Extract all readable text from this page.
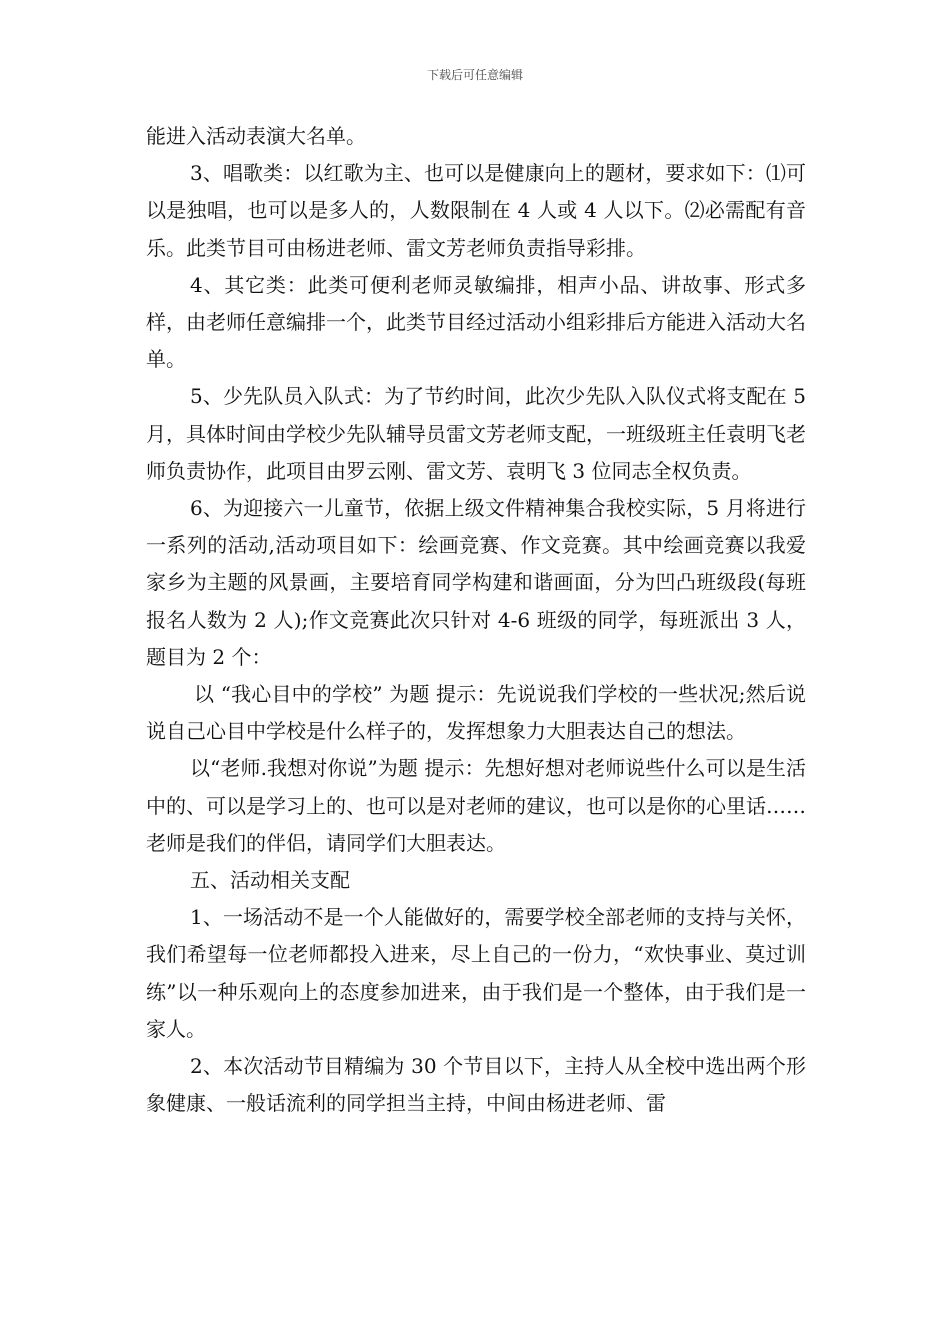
下载后可任意编辑

能进入活动表演大名单。

3、唱歌类：以红歌为主、也可以是健康向上的题材，要求如下：⑴可以是独唱，也可以是多人的，人数限制在 4 人或 4 人以下。⑵必需配有音乐。此类节目可由杨进老师、雷文芳老师负责指导彩排。

4、其它类：此类可便利老师灵敏编排，相声小品、讲故事、形式多样，由老师任意编排一个，此类节目经过活动小组彩排后方能进入活动大名单。

5、少先队员入队式：为了节约时间，此次少先队入队仪式将支配在 5 月，具体时间由学校少先队辅导员雷文芳老师支配，一班级班主任袁明飞老师负责协作，此项目由罗云刚、雷文芳、袁明飞 3 位同志全权负责。

6、为迎接六一儿童节，依据上级文件精神集合我校实际，5 月将进行一系列的活动,活动项目如下：绘画竞赛、作文竞赛。其中绘画竞赛以我爱家乡为主题的风景画，主要培育同学构建和谐画面，分为凹凸班级段(每班报名人数为 2 人);作文竞赛此次只针对 4-6 班级的同学，每班派出 3 人，题目为 2 个：

以 “我心目中的学校” 为题 提示：先说说我们学校的一些状况;然后说说自己心目中学校是什么样子的，发挥想象力大胆表达自己的想法。

以“老师.我想对你说”为题 提示：先想好想对老师说些什么可以是生活中的、可以是学习上的、也可以是对老师的建议，也可以是你的心里话……老师是我们的伴侣，请同学们大胆表达。

五、活动相关支配

1、一场活动不是一个人能做好的，需要学校全部老师的支持与关怀，我们希望每一位老师都投入进来，尽上自己的一份力，“欢快事业、莫过训练”以一种乐观向上的态度参加进来，由于我们是一个整体，由于我们是一家人。

2、本次活动节目精编为 30 个节目以下，主持人从全校中选出两个形象健康、一般话流利的同学担当主持，中间由杨进老师、雷
